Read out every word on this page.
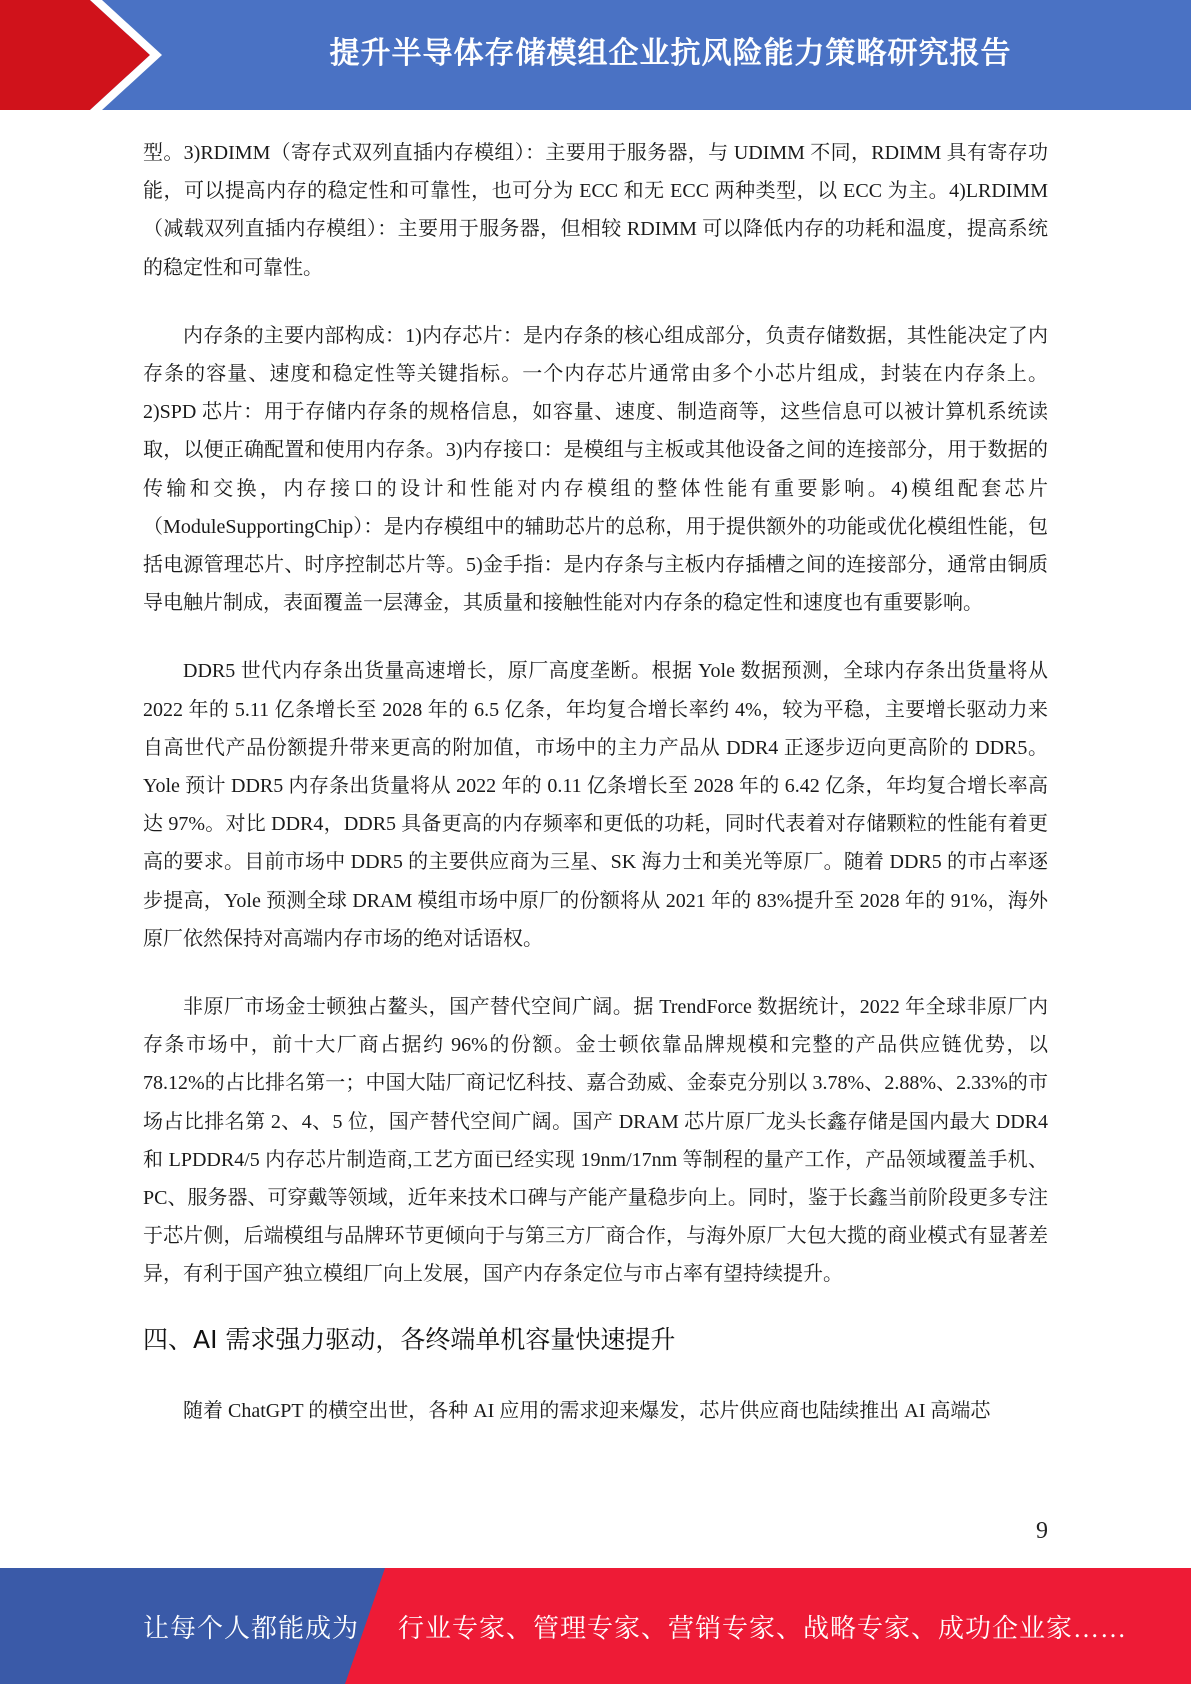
提升半导体存储模组企业抗风险能力策略研究报告

型。3)RDIMM（寄存式双列直插内存模组）：主要用于服务器，与 UDIMM 不同，RDIMM 具有寄存功能，可以提高内存的稳定性和可靠性，也可分为 ECC 和无 ECC 两种类型，以 ECC 为主。4)LRDIMM（减载双列直插内存模组）：主要用于服务器，但相较 RDIMM 可以降低内存的功耗和温度，提高系统的稳定性和可靠性。

内存条的主要内部构成：1)内存芯片：是内存条的核心组成部分，负责存储数据，其性能决定了内存条的容量、速度和稳定性等关键指标。一个内存芯片通常由多个小芯片组成，封装在内存条上。2)SPD 芯片：用于存储内存条的规格信息，如容量、速度、制造商等，这些信息可以被计算机系统读取，以便正确配置和使用内存条。3)内存接口：是模组与主板或其他设备之间的连接部分，用于数据的传输和交换，内存接口的设计和性能对内存模组的整体性能有重要影响。4)模组配套芯片（ModuleSupportingChip）：是内存模组中的辅助芯片的总称，用于提供额外的功能或优化模组性能，包括电源管理芯片、时序控制芯片等。5)金手指：是内存条与主板内存插槽之间的连接部分，通常由铜质导电触片制成，表面覆盖一层薄金，其质量和接触性能对内存条的稳定性和速度也有重要影响。

DDR5 世代内存条出货量高速增长，原厂高度垄断。根据 Yole 数据预测，全球内存条出货量将从 2022 年的 5.11 亿条增长至 2028 年的 6.5 亿条，年均复合增长率约 4%，较为平稳，主要增长驱动力来自高世代产品份额提升带来更高的附加值，市场中的主力产品从 DDR4 正逐步迈向更高阶的 DDR5。Yole 预计 DDR5 内存条出货量将从 2022 年的 0.11 亿条增长至 2028 年的 6.42 亿条，年均复合增长率高达 97%。对比 DDR4，DDR5 具备更高的内存频率和更低的功耗，同时代表着对存储颗粒的性能有着更高的要求。目前市场中 DDR5 的主要供应商为三星、SK 海力士和美光等原厂。随着 DDR5 的市占率逐步提高，Yole 预测全球 DRAM 模组市场中原厂的份额将从 2021 年的 83%提升至 2028 年的 91%，海外原厂依然保持对高端内存市场的绝对话语权。

非原厂市场金士顿独占鳌头，国产替代空间广阔。据 TrendForce 数据统计，2022 年全球非原厂内存条市场中，前十大厂商占据约 96%的份额。金士顿依靠品牌规模和完整的产品供应链优势，以 78.12%的占比排名第一；中国大陆厂商记忆科技、嘉合劲威、金泰克分别以 3.78%、2.88%、2.33%的市场占比排名第 2、4、5 位，国产替代空间广阔。国产 DRAM 芯片原厂龙头长鑫存储是国内最大 DDR4 和 LPDDR4/5 内存芯片制造商,工艺方面已经实现 19nm/17nm 等制程的量产工作，产品领域覆盖手机、PC、服务器、可穿戴等领域，近年来技术口碑与产能产量稳步向上。同时，鉴于长鑫当前阶段更多专注于芯片侧，后端模组与品牌环节更倾向于与第三方厂商合作，与海外原厂大包大揽的商业模式有显著差异，有利于国产独立模组厂向上发展，国产内存条定位与市占率有望持续提升。

四、AI 需求强力驱动，各终端单机容量快速提升

随着 ChatGPT 的横空出世，各种 AI 应用的需求迎来爆发，芯片供应商也陆续推出 AI 高端芯

9
让每个人都能成为 行业专家、管理专家、营销专家、战略专家、成功企业家……
